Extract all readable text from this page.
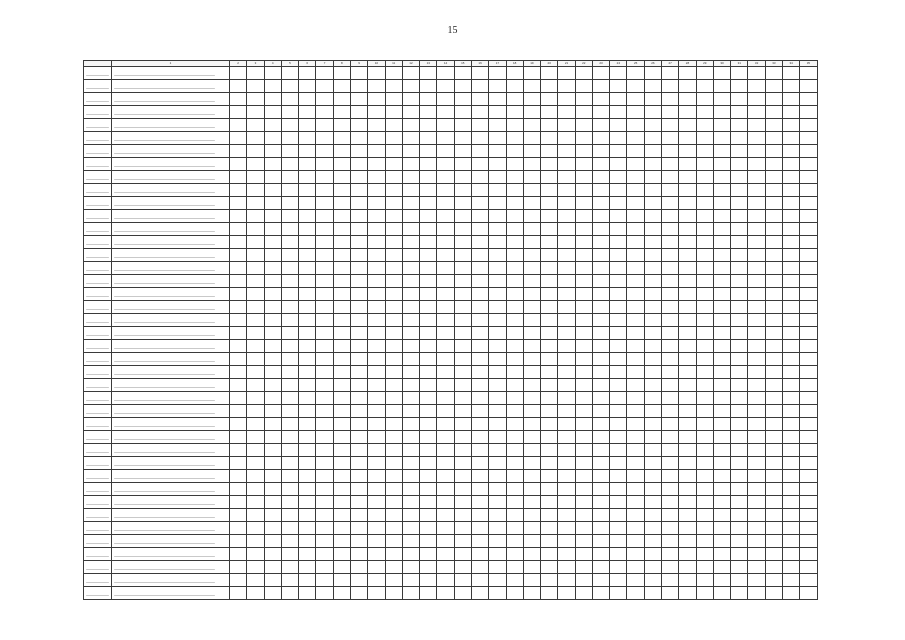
15
	1	2	3	4	5	6	7	8	9	10	11	12	13	14	15	16	17	18	19	20	21	22	23	24	25	26	27	28	29	30	31	32	33	34	35
